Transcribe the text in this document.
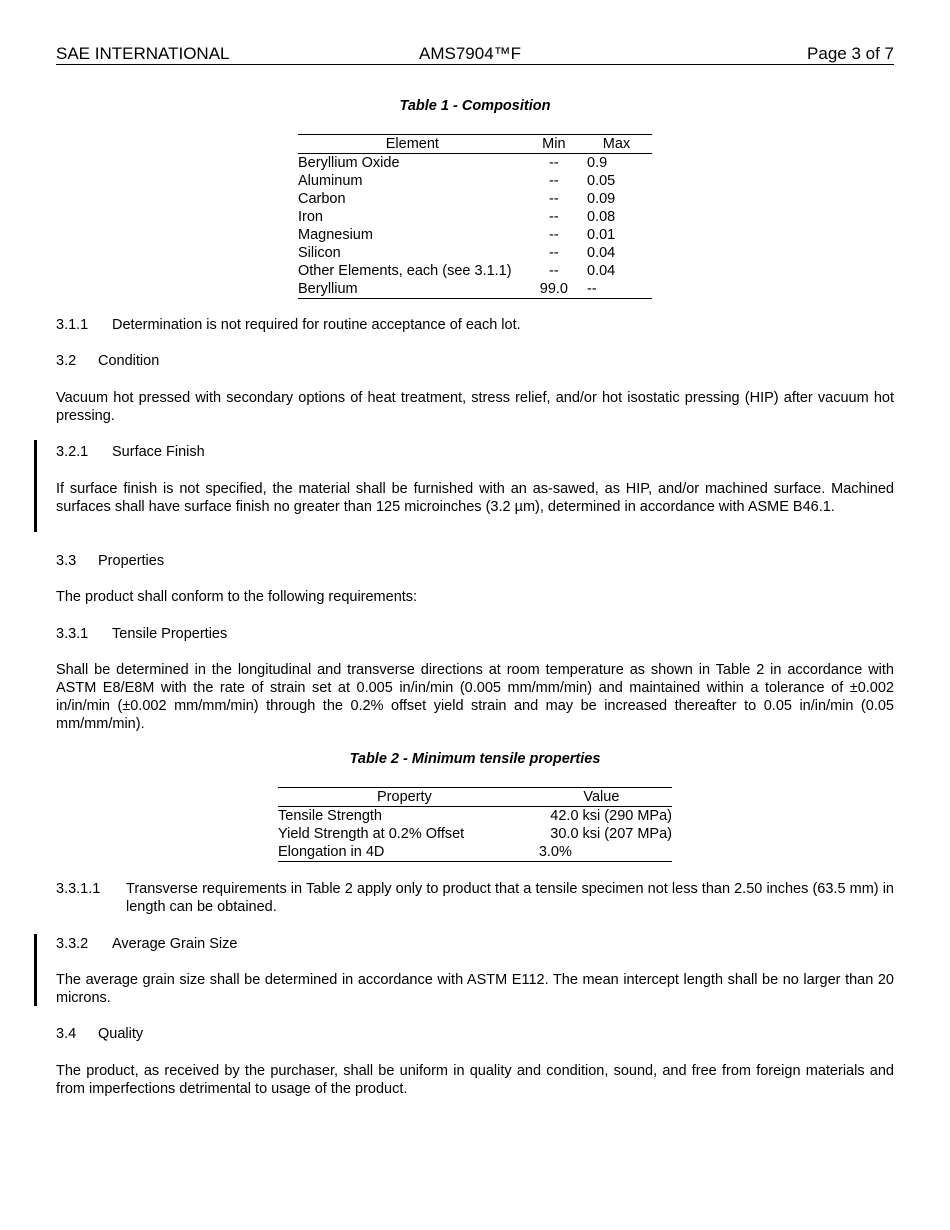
SAE INTERNATIONAL	AMS7904™F	Page 3 of 7
Table 1 - Composition
Element	Min	Max
Beryllium Oxide	--	0.9
Aluminum	--	0.05
Carbon	--	0.09
Iron	--	0.08
Magnesium	--	0.01
Silicon	--	0.04
Other Elements, each (see 3.1.1)	--	0.04
Beryllium	99.0	--
3.1.1 Determination is not required for routine acceptance of each lot.
3.2 Condition
Vacuum hot pressed with secondary options of heat treatment, stress relief, and/or hot isostatic pressing (HIP) after vacuum hot pressing.
3.2.1 Surface Finish
If surface finish is not specified, the material shall be furnished with an as-sawed, as HIP, and/or machined surface. Machined surfaces shall have surface finish no greater than 125 microinches (3.2 µm), determined in accordance with ASME B46.1.
3.3 Properties
The product shall conform to the following requirements:
3.3.1 Tensile Properties
Shall be determined in the longitudinal and transverse directions at room temperature as shown in Table 2 in accordance with ASTM E8/E8M with the rate of strain set at 0.005 in/in/min (0.005 mm/mm/min) and maintained within a tolerance of ±0.002 in/in/min (±0.002 mm/mm/min) through the 0.2% offset yield strain and may be increased thereafter to 0.05 in/in/min (0.05 mm/mm/min).
Table 2 - Minimum tensile properties
Property	Value
Tensile Strength	42.0 ksi (290 MPa)
Yield Strength at 0.2% Offset	30.0 ksi (207 MPa)
Elongation in 4D	3.0%
3.3.1.1 Transverse requirements in Table 2 apply only to product that a tensile specimen not less than 2.50 inches (63.5 mm) in length can be obtained.
3.3.2 Average Grain Size
The average grain size shall be determined in accordance with ASTM E112. The mean intercept length shall be no larger than 20 microns.
3.4 Quality
The product, as received by the purchaser, shall be uniform in quality and condition, sound, and free from foreign materials and from imperfections detrimental to usage of the product.
